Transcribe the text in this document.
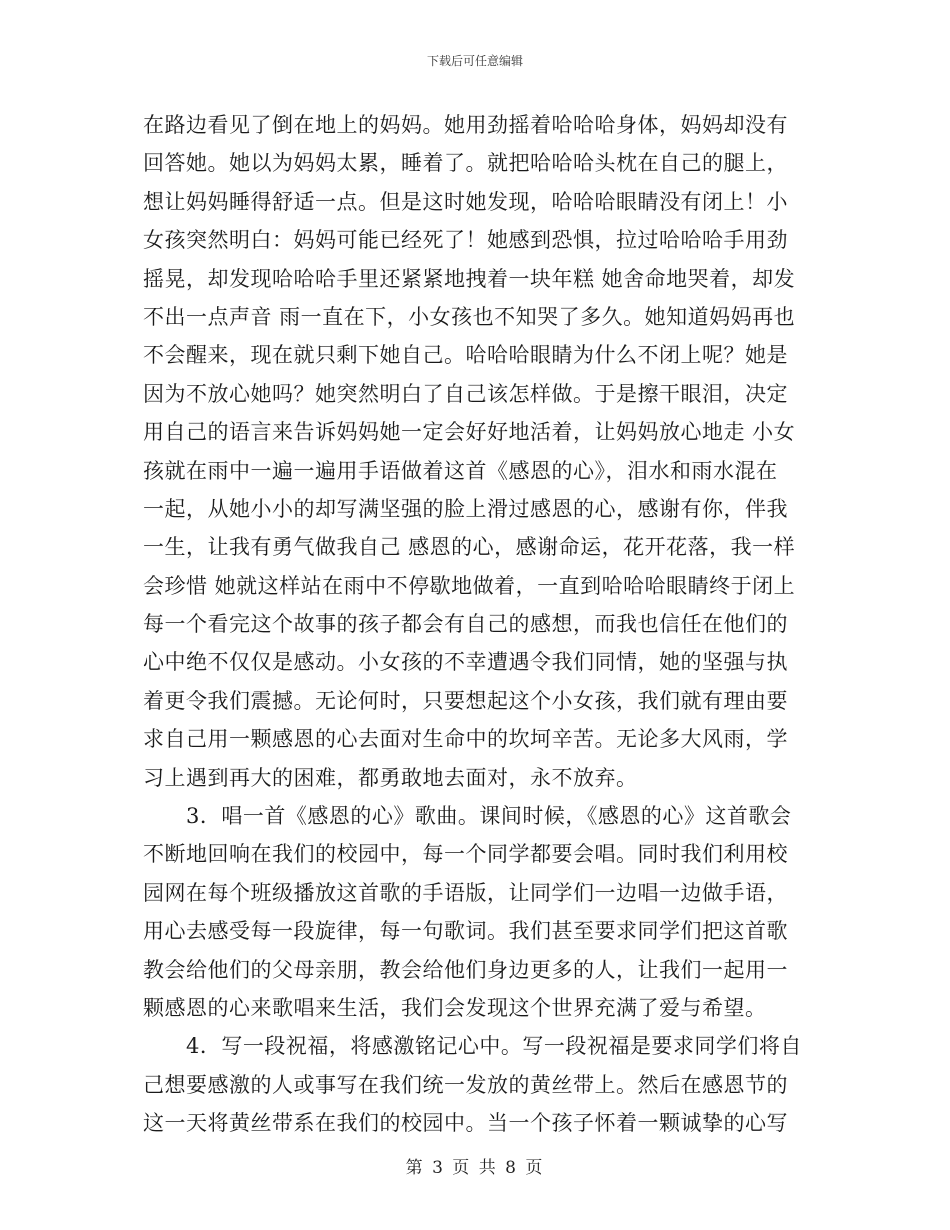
下载后可任意编辑
在路边看见了倒在地上的妈妈。她用劲摇着哈哈哈身体，妈妈却没有
回答她。她以为妈妈太累，睡着了。就把哈哈哈头枕在自己的腿上，
想让妈妈睡得舒适一点。但是这时她发现，哈哈哈眼睛没有闭上！小
女孩突然明白：妈妈可能已经死了！她感到恐惧，拉过哈哈哈手用劲
摇晃，却发现哈哈哈手里还紧紧地拽着一块年糕 她舍命地哭着，却发
不出一点声音 雨一直在下，小女孩也不知哭了多久。她知道妈妈再也
不会醒来，现在就只剩下她自己。哈哈哈眼睛为什么不闭上呢？她是
因为不放心她吗？她突然明白了自己该怎样做。于是擦干眼泪，决定
用自己的语言来告诉妈妈她一定会好好地活着，让妈妈放心地走 小女
孩就在雨中一遍一遍用手语做着这首《感恩的心》，泪水和雨水混在
一起，从她小小的却写满坚强的脸上滑过感恩的心，感谢有你，伴我
一生，让我有勇气做我自己 感恩的心，感谢命运，花开花落，我一样
会珍惜 她就这样站在雨中不停歇地做着，一直到哈哈哈眼睛终于闭上
每一个看完这个故事的孩子都会有自己的感想，而我也信任在他们的
心中绝不仅仅是感动。小女孩的不幸遭遇令我们同情，她的坚强与执
着更令我们震撼。无论何时，只要想起这个小女孩，我们就有理由要
求自己用一颗感恩的心去面对生命中的坎坷辛苦。无论多大风雨，学
习上遇到再大的困难，都勇敢地去面对，永不放弃。
　　3．唱一首《感恩的心》歌曲。课间时候，《感恩的心》这首歌会
不断地回响在我们的校园中，每一个同学都要会唱。同时我们利用校
园网在每个班级播放这首歌的手语版，让同学们一边唱一边做手语，
用心去感受每一段旋律，每一句歌词。我们甚至要求同学们把这首歌
教会给他们的父母亲朋，教会给他们身边更多的人，让我们一起用一
颗感恩的心来歌唱来生活，我们会发现这个世界充满了爱与希望。
　　4．写一段祝福，将感激铭记心中。写一段祝福是要求同学们将自
己想要感激的人或事写在我们统一发放的黄丝带上。然后在感恩节的
这一天将黄丝带系在我们的校园中。当一个孩子怀着一颗诚挚的心写
第 3 页 共 8 页
